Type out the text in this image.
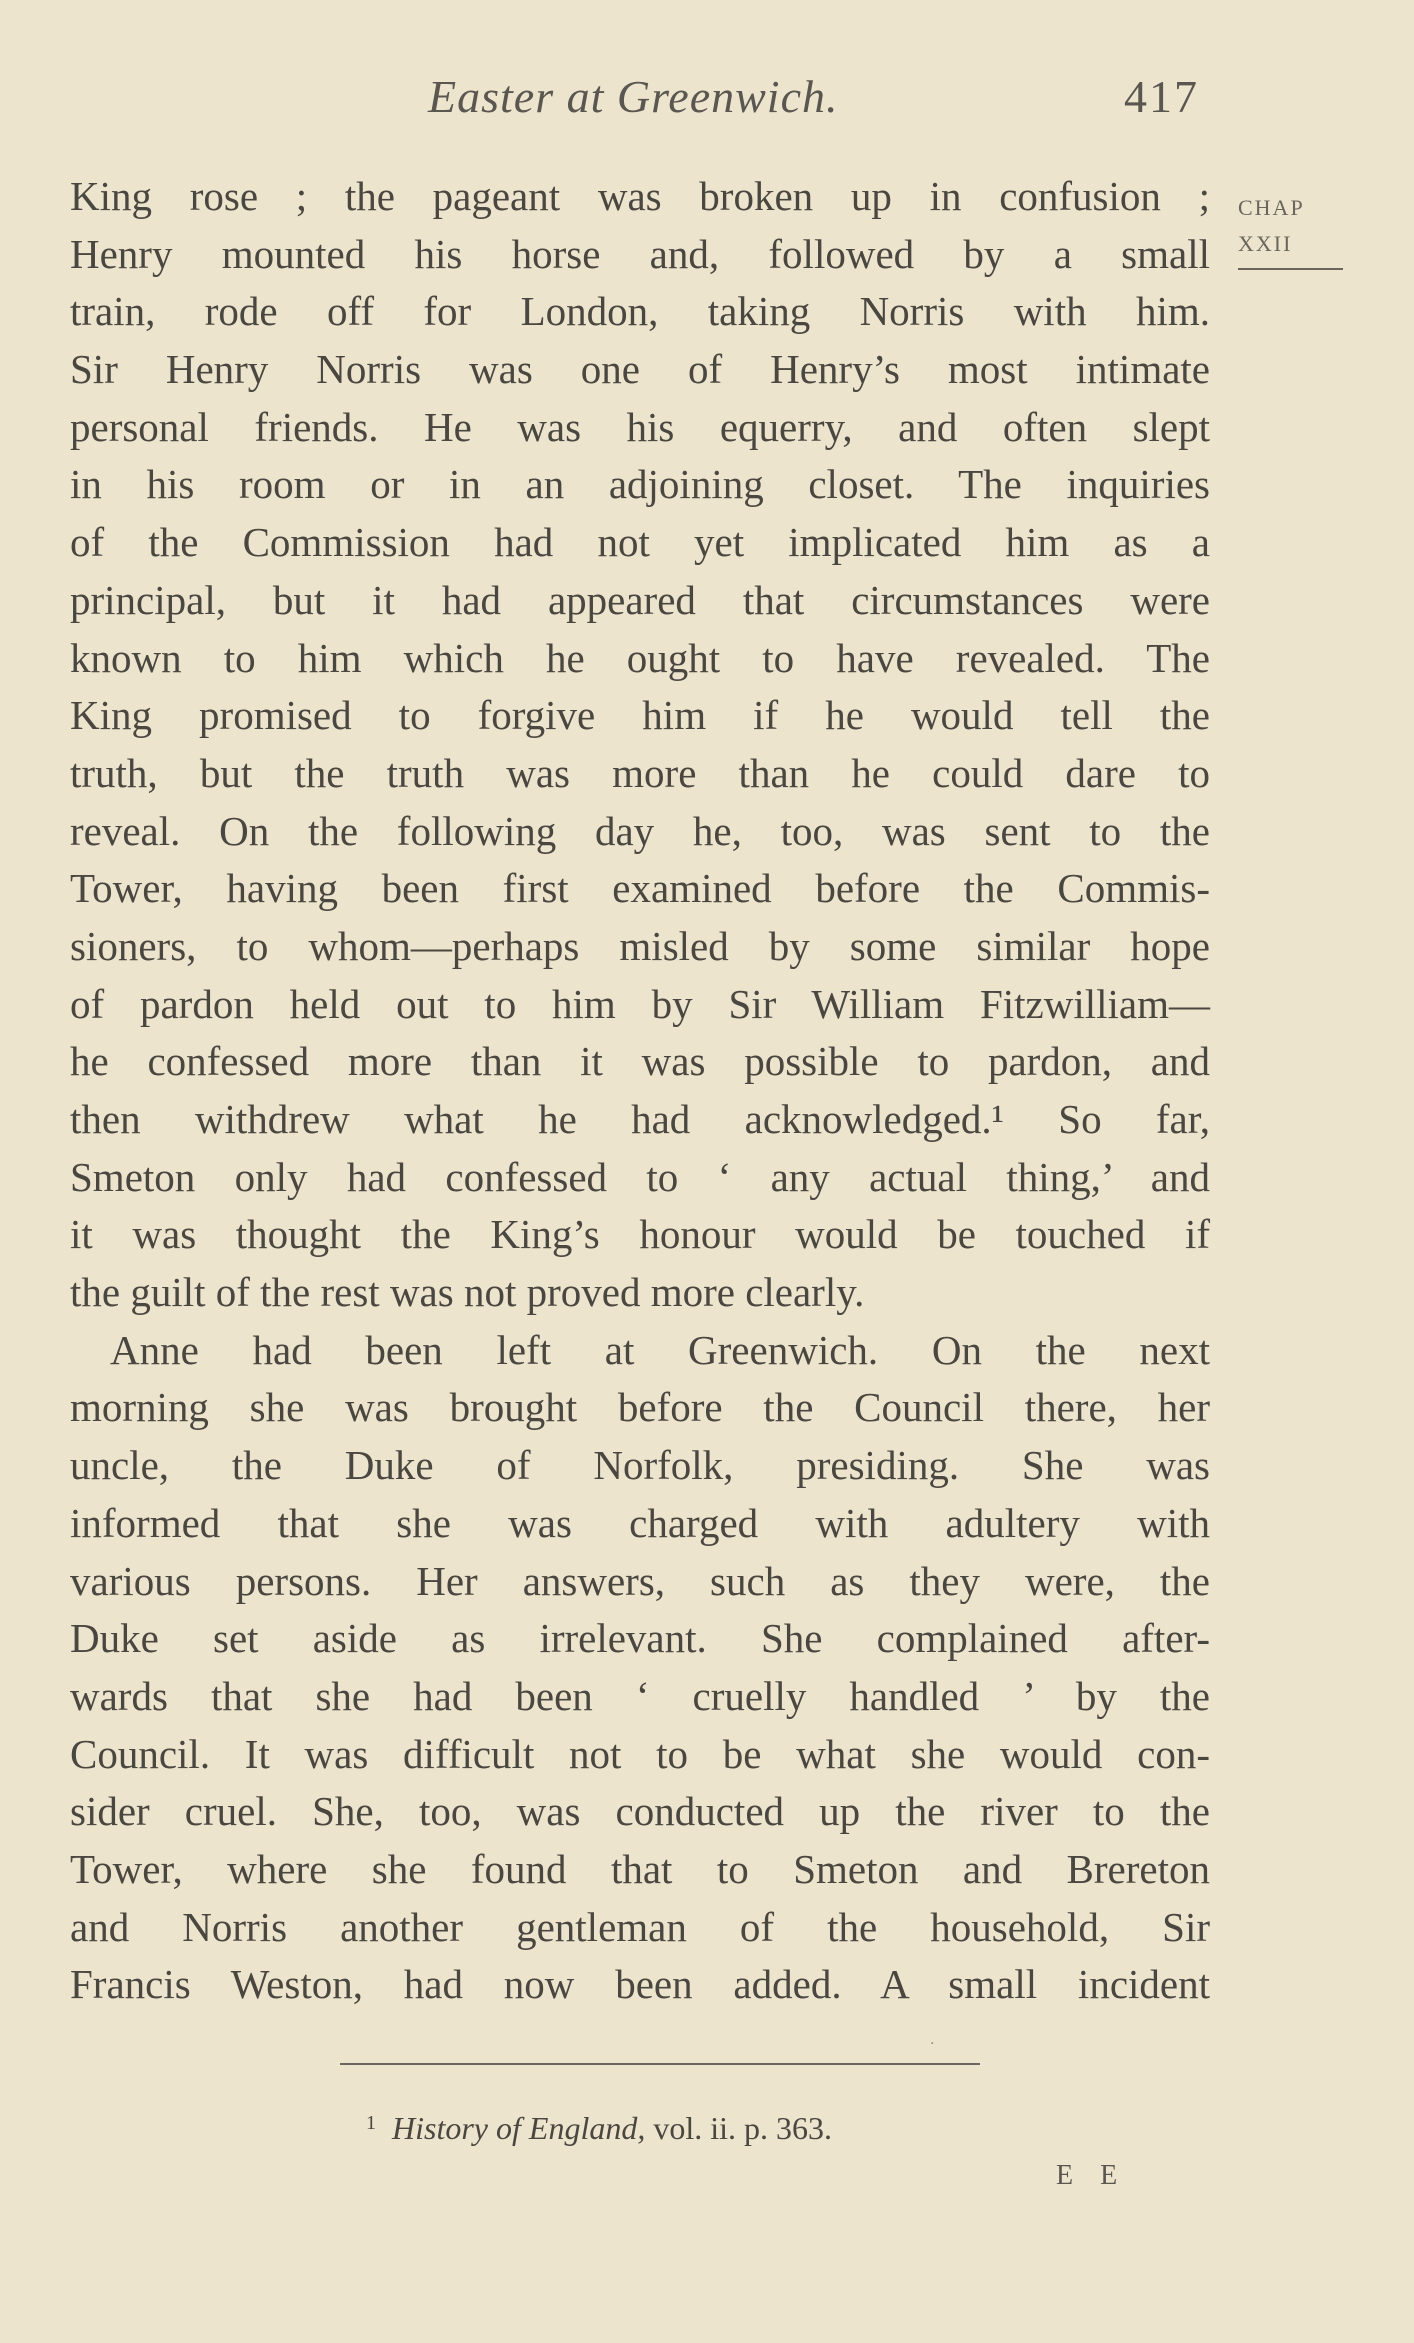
Easter at Greenwich.	417
CHAP
XXII
King rose ; the pageant was broken up in confusion ;
Henry mounted his horse and, followed by a small
train, rode off for London, taking Norris with him.
Sir Henry Norris was one of Henry’s most intimate
personal friends. He was his equerry, and often slept
in his room or in an adjoining closet. The inquiries
of the Commission had not yet implicated him as a
principal, but it had appeared that circumstances were
known to him which he ought to have revealed. The
King promised to forgive him if he would tell the
truth, but the truth was more than he could dare to
reveal. On the following day he, too, was sent to the
Tower, having been first examined before the Commis-
sioners, to whom—perhaps misled by some similar hope
of pardon held out to him by Sir William Fitzwilliam—
he confessed more than it was possible to pardon, and
then withdrew what he had acknowledged.¹ So far,
Smeton only had confessed to ‘ any actual thing,’ and
it was thought the King’s honour would be touched if
the guilt of the rest was not proved more clearly.
Anne had been left at Greenwich. On the next
morning she was brought before the Council there, her
uncle, the Duke of Norfolk, presiding. She was
informed that she was charged with adultery with
various persons. Her answers, such as they were, the
Duke set aside as irrelevant. She complained after-
wards that she had been ‘ cruelly handled ’ by the
Council. It was difficult not to be what she would con-
sider cruel. She, too, was conducted up the river to the
Tower, where she found that to Smeton and Brereton
and Norris another gentleman of the household, Sir
Francis Weston, had now been added. A small incident
·
$^1$ History of England, vol. ii. p. 363.
E E
